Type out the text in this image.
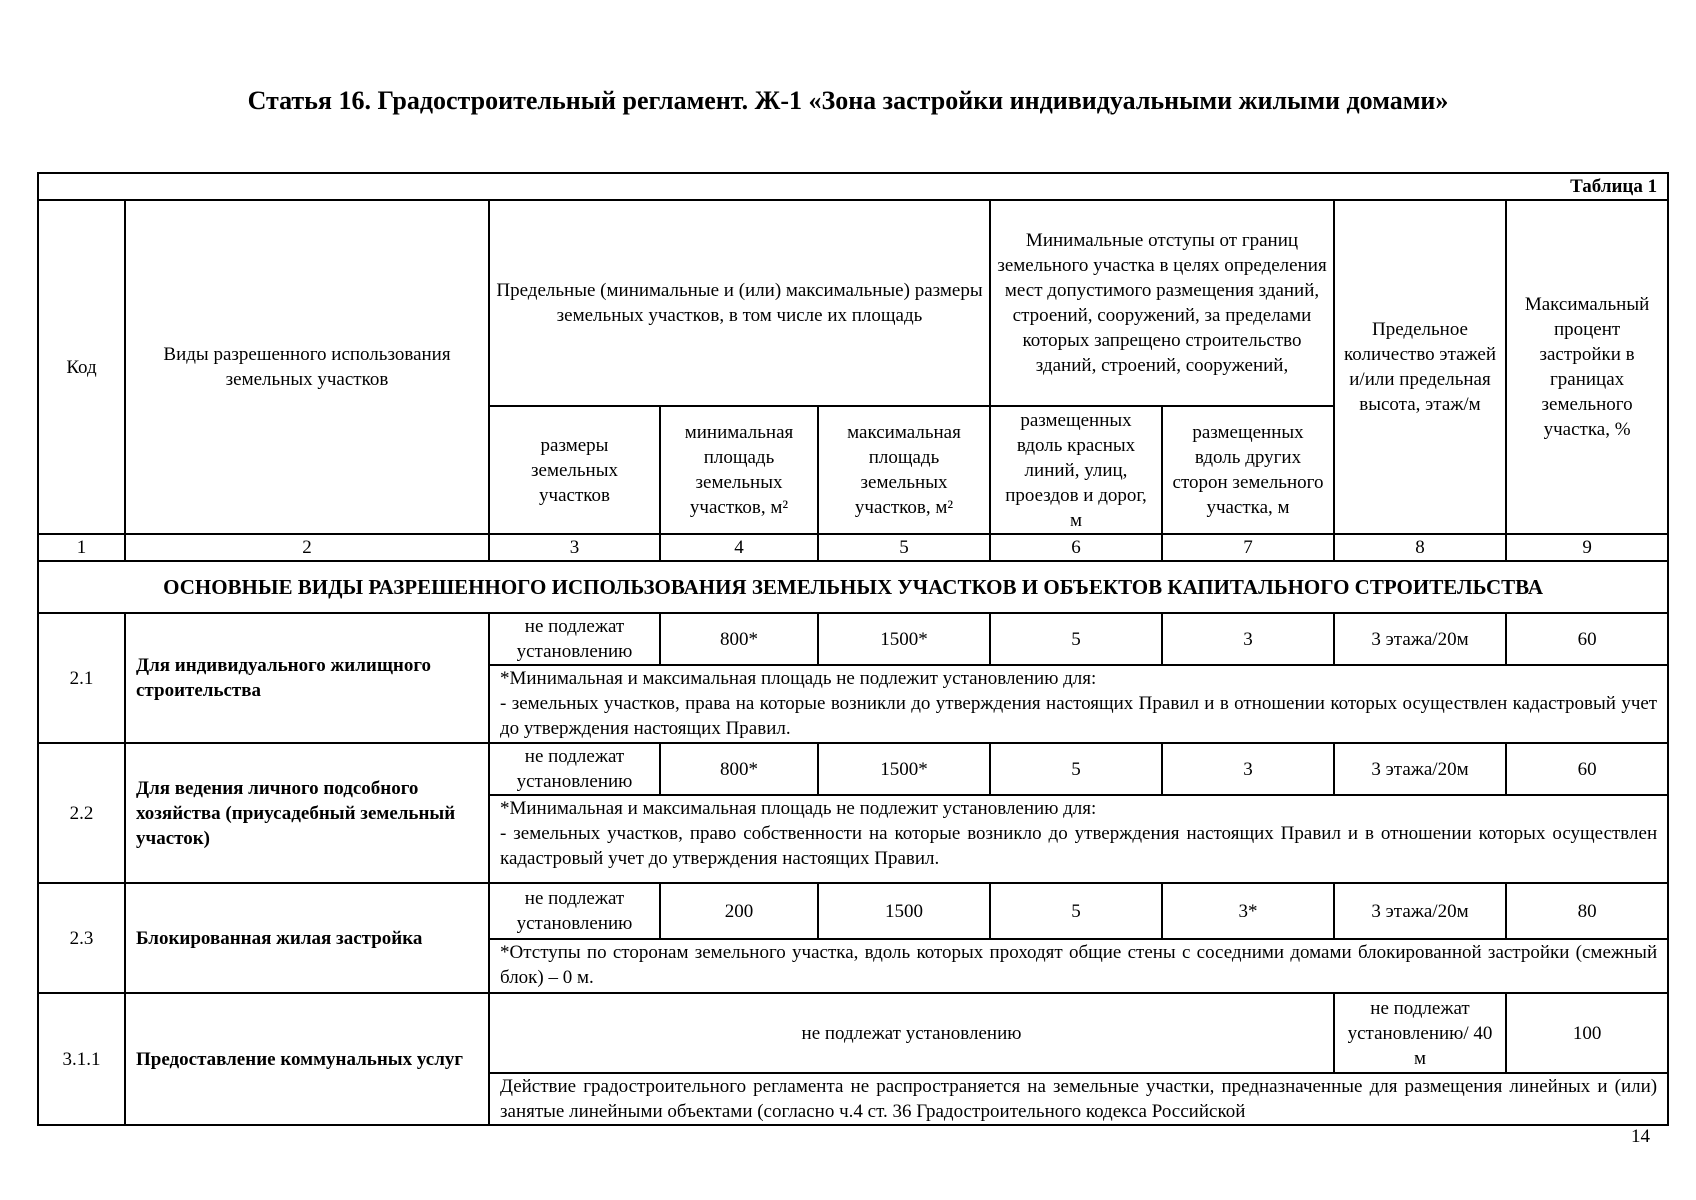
Статья 16. Градостроительный регламент. Ж-1 «Зона застройки индивидуальными жилыми домами»
Таблица 1								
Код	Виды разрешенного использования земельных участков	Предельные (минимальные и (или) максимальные) размеры земельных участков, в том числе их площадь			Минимальные отступы от границ земельного участка в целях определения мест допустимого размещения зданий, строений, сооружений, за пределами которых запрещено строительство зданий, строений, сооружений,		Предельное количество этажей и/или предельная высота, этаж/м	Максимальный процент застройки в границах земельного участка, %
		размеры земельных участков	минимальная площадь земельных участков, м²	максимальная площадь земельных участков, м²	размещенных вдоль красных линий, улиц, проездов и дорог, м	размещенных вдоль других сторон земельного участка, м		
1	2	3	4	5	6	7	8	9
ОСНОВНЫЕ ВИДЫ РАЗРЕШЕННОГО ИСПОЛЬЗОВАНИЯ ЗЕМЕЛЬНЫХ УЧАСТКОВ И ОБЪЕКТОВ КАПИТАЛЬНОГО СТРОИТЕЛЬСТВА								
2.1	Для индивидуального жилищного строительства	не подлежат установлению	800*	1500*	5	3	3 этажа/20м	60
		*Минимальная и максимальная площадь не подлежит установлению для:
- земельных участков, права на которые возникли до утверждения настоящих Правил и в отношении которых осуществлен кадастровый учет до утверждения настоящих Правил.						
2.2	Для ведения личного подсобного хозяйства (приусадебный земельный участок)	не подлежат установлению	800*	1500*	5	3	3 этажа/20м	60
		*Минимальная и максимальная площадь не подлежит установлению для:
- земельных участков, право собственности на которые возникло до утверждения настоящих Правил и в отношении которых осуществлен кадастровый учет до утверждения настоящих Правил.						
2.3	Блокированная жилая застройка	не подлежат установлению	200	1500	5	3*	3 этажа/20м	80
		*Отступы по сторонам земельного участка, вдоль которых проходят общие стены с соседними домами блокированной застройки (смежный блок) – 0 м.						
3.1.1	Предоставление коммунальных услуг	не подлежат установлению					не подлежат установлению/ 40 м	100
		Действие градостроительного регламента не распространяется на земельные участки, предназначенные для размещения линейных и (или) занятые линейными объектами (согласно ч.4 ст. 36 Градостроительного кодекса Российской						
14
